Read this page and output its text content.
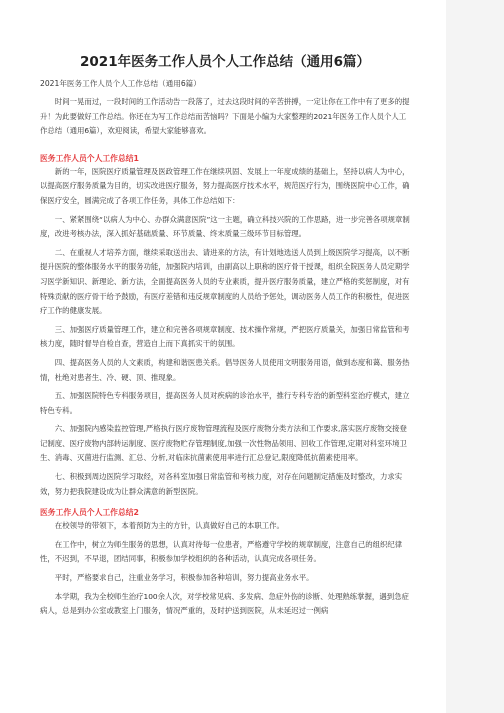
2021年医务工作人员个人工作总结（通用6篇）
2021年医务工作人员个人工作总结（通用6篇）

时间一晃而过，一段时间的工作活动告一段落了，过去这段时间的辛苦拼搏，一定让你在工作中有了更多的提升！为此要做好工作总结。你还在为写工作总结而苦恼吗？下面是小编为大家整理的2021年医务工作人员个人工作总结（通用6篇），欢迎阅读，希望大家能够喜欢。

医务工作人员个人工作总结1

新的一年，医院医疗质量管理及医政管理工作在继续巩固、发展上一年度成绩的基础上，坚持以病人为中心，以提高医疗服务质量为目的，切实改进医疗服务，努力提高医疗技术水平，规范医疗行为，围绕医院中心工作，确保医疗安全，圆满完成了各项工作任务，具体工作总结如下：

一、紧紧围绕“以病人为中心、办群众满意医院”这一主题，确立科技兴院的工作思路，进一步完善各项规章制度，改进考核办法，深入抓好基础质量、环节质量、终末质量三级环节目标管理。

二、在重视人才培养方面，继续采取送出去、请进来的方法，有计划地选送人员到上级医院学习提高，以不断提升医院的整体服务水平的服务功能，加强院内培训，由副高以上职称的医疗骨干授课，组织全院医务人员定期学习医学新知识、新理论、新方法，全面提高医务人员的专业素质，提升医疗服务质量，建立严格的奖惩制度，对有特殊贡献的医疗骨干给予鼓励，有医疗差错和违反规章制度的人员给予惩处，调动医务人员工作的积极性，促进医疗工作的健康发展。

三、加强医疗质量管理工作，建立和完善各项规章制度、技术操作常规，严把医疗质量关，加强日常监管和考核力度，随时督导自检自查，营造自上而下真抓实干的氛围。

四、提高医务人员的人文素质，构建和谐医患关系。倡导医务人员使用文明服务用语，做到态度和蔼、服务热情，杜绝对患者生、冷、硬、顶、推现象。

五、加强医院特色专科服务项目，提高医务人员对疾病的诊治水平，推行专科专治的新型科室治疗模式，建立特色专科。

六、加强院内感染监控管理,严格执行医疗废物管理流程及医疗废物分类方法和工作要求,落实医疗废物交接登记制度、医疗废物内部转运制度、医疗废物贮存管理制度,加强一次性物品领用、回收工作管理,定期对科室环境卫生、消毒、灭菌进行监测、汇总、分析,对临床抗菌素使用率进行汇总登记,限度降低抗菌素使用率。

七、积极到周边医院学习取经，对各科室加强日常监管和考核力度，对存在问题制定措施及时整改，力求实效，努力把我院建设成为让群众满意的新型医院。

医务工作人员个人工作总结2

在校领导的带领下，本着预防为主的方针，认真做好自己的本职工作。

在工作中，树立为师生服务的思想，认真对待每一位患者，严格遵守学校的规章制度，注意自己的组织纪律性，不迟到，不早退，团结同事，积极参加学校组织的各种活动，认真完成各项任务。

平时，严格要求自己，注重业务学习，积极参加各种培训，努力提高业务水平。

本学期，我为全校师生治疗100余人次，对学校常见病、多发病、急症外伤的诊断、处理熟练掌握，遇到急症病人，总是到办公室或教室上门服务，情况严重的，及时护送到医院，从未延迟过一例病
